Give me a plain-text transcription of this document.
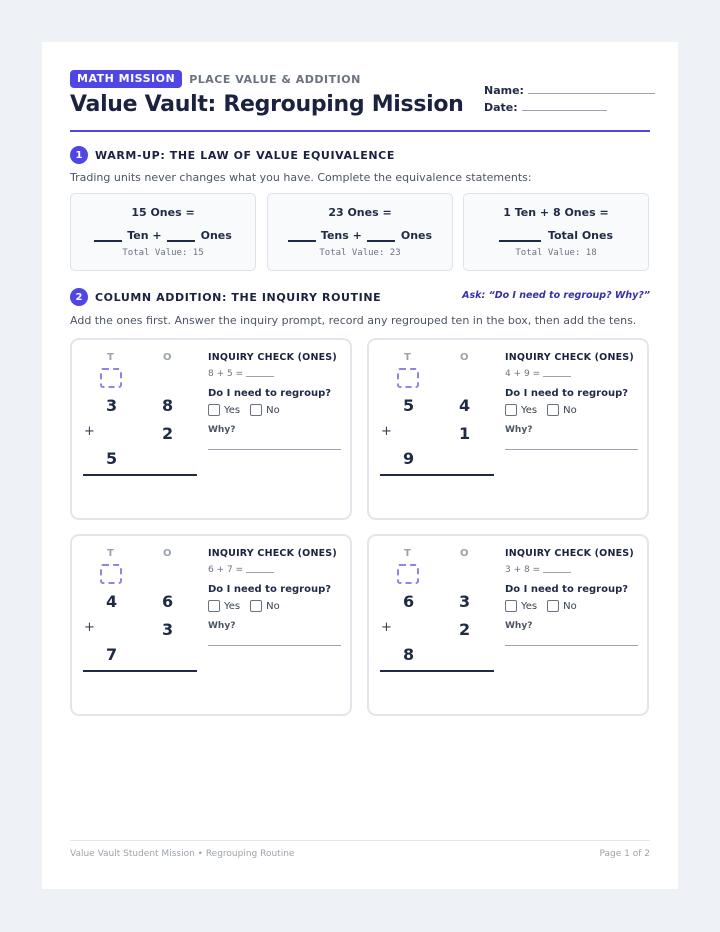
MATH MISSION	PLACE VALUE & ADDITION
Value Vault: Regrouping Mission
Name:
Date:
1	WARM-UP: THE LAW OF VALUE EQUIVALENCE
Trading units never changes what you have. Complete the equivalence statements:
15 Ones =
Ten +	Ones
Total Value: 15
23 Ones =
Tens +	Ones
Total Value: 23
1 Ten + 8 Ones =
Total Ones
Total Value: 18
2	COLUMN ADDITION: THE INQUIRY ROUTINE	Ask: “Do I need to regroup? Why?”
Add the ones first. Answer the inquiry prompt, record any regrouped ten in the box, then add the tens.
T	O
3	8
+	2
5
INQUIRY CHECK (ONES)
8 + 5 =
Do I need to regroup?
Yes	No
Why?
T	O
5	4
+	1
9
INQUIRY CHECK (ONES)
4 + 9 =
Do I need to regroup?
Yes	No
Why?
T	O
4	6
+	3
7
INQUIRY CHECK (ONES)
6 + 7 =
Do I need to regroup?
Yes	No
Why?
T	O
6	3
+	2
8
INQUIRY CHECK (ONES)
3 + 8 =
Do I need to regroup?
Yes	No
Why?
Value Vault Student Mission • Regrouping Routine	Page 1 of 2
